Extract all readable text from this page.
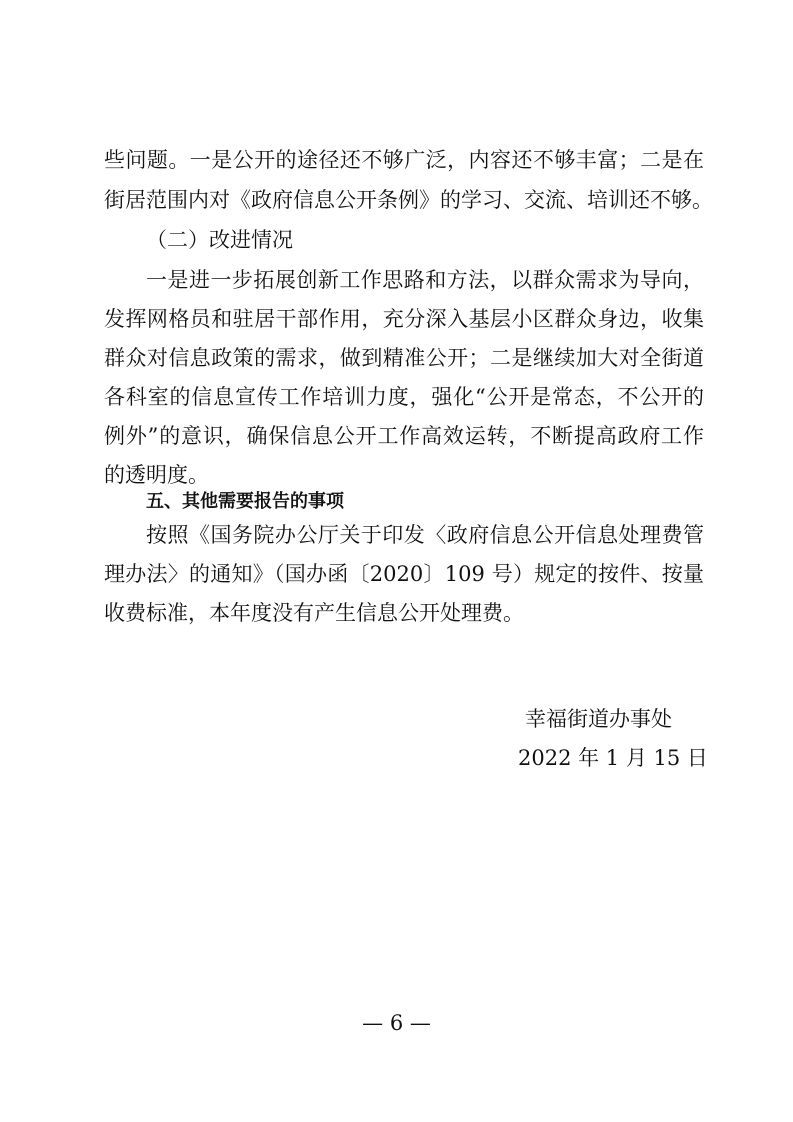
些问题。一是公开的途径还不够广泛，内容还不够丰富；二是在
街居范围内对《政府信息公开条例》的学习、交流、培训还不够。
（二）改进情况
一是进一步拓展创新工作思路和方法，以群众需求为导向，
发挥网格员和驻居干部作用，充分深入基层小区群众身边，收集
群众对信息政策的需求，做到精准公开；二是继续加大对全街道
各科室的信息宣传工作培训力度，强化“公开是常态，不公开的
例外”的意识，确保信息公开工作高效运转，不断提高政府工作
的透明度。
五、其他需要报告的事项
按照《国务院办公厅关于印发〈政府信息公开信息处理费管
理办法〉的通知》（国办函〔2020〕109 号）规定的按件、按量
收费标准，本年度没有产生信息公开处理费。
幸福街道办事处
2022 年 1 月 15 日
— 6 —
